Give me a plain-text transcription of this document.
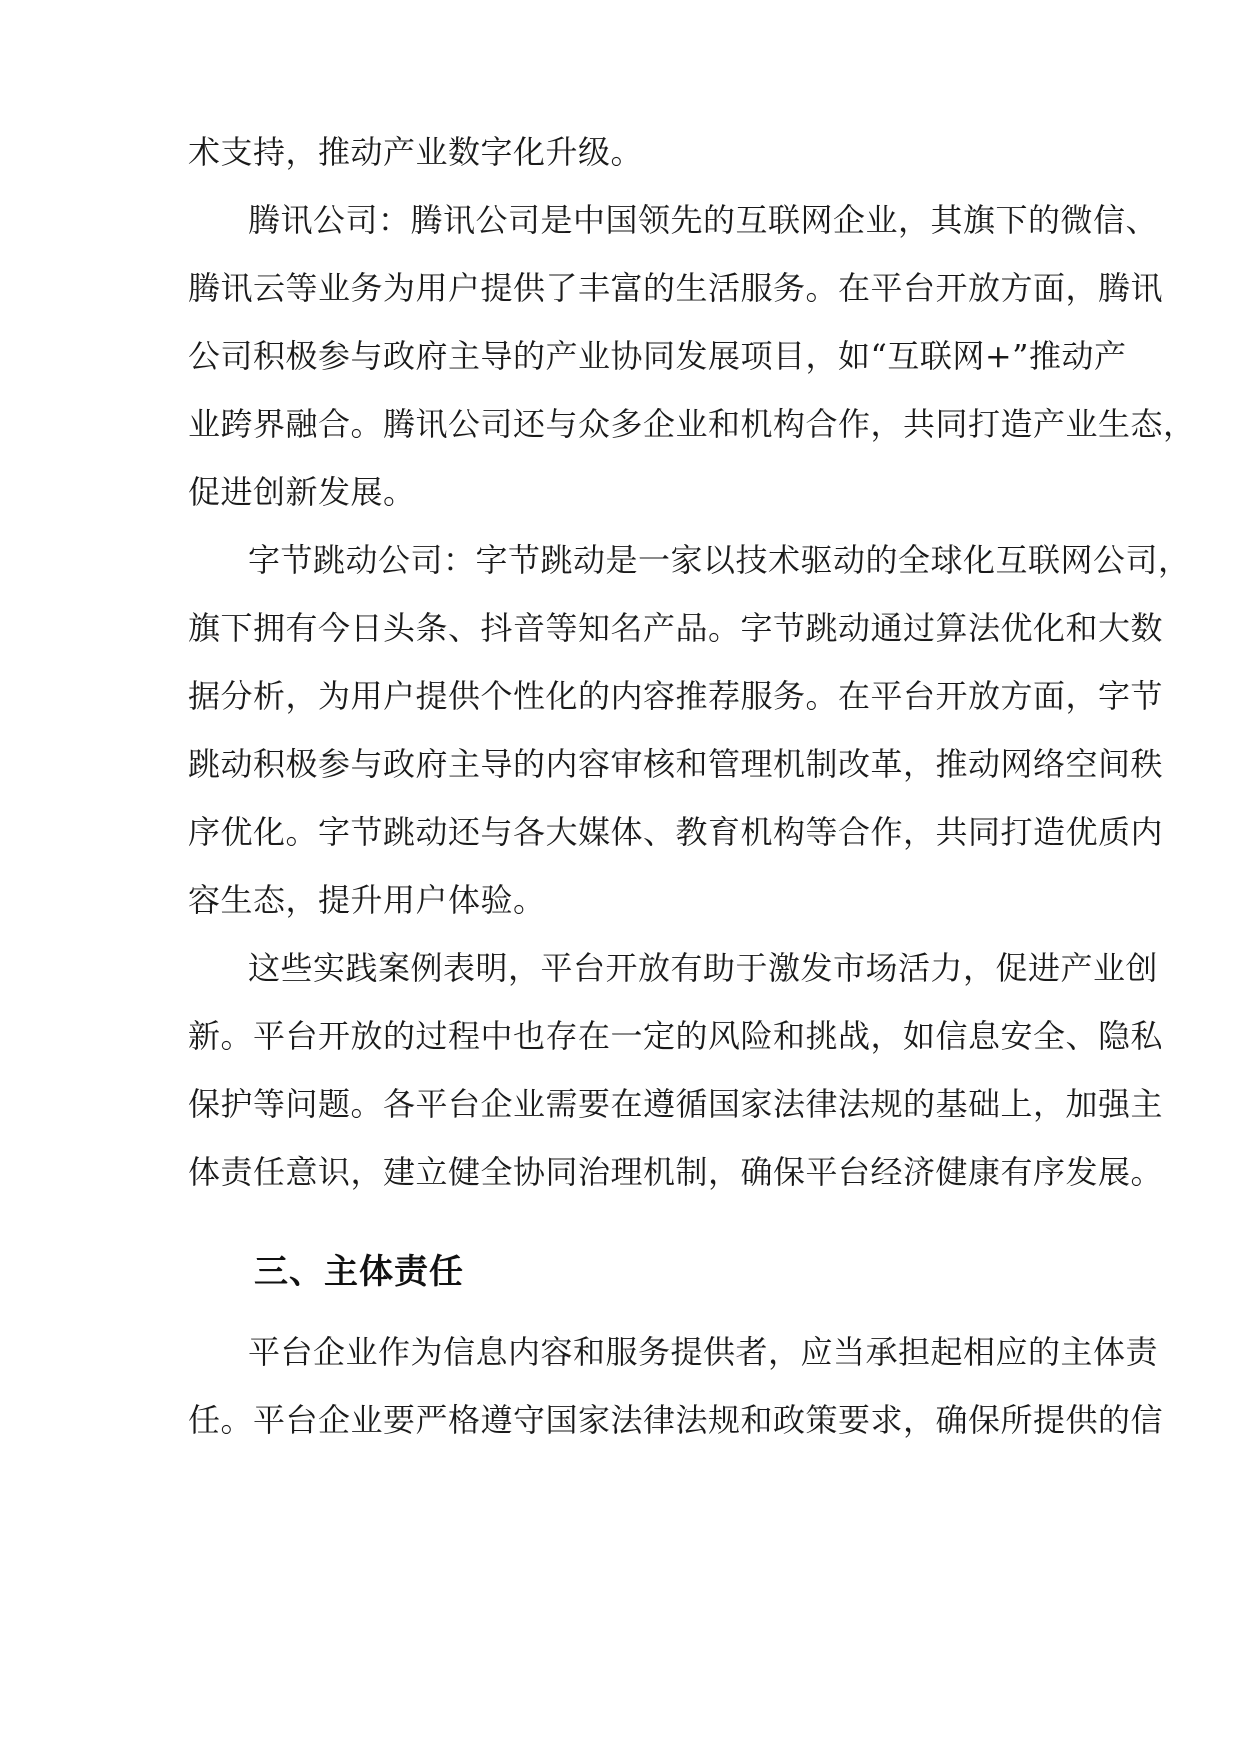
术支持，推动产业数字化升级。
腾讯公司：腾讯公司是中国领先的互联网企业，其旗下的微信、
腾讯云等业务为用户提供了丰富的生活服务。在平台开放方面，腾讯
公司积极参与政府主导的产业协同发展项目，如“互联网+”推动产
业跨界融合。腾讯公司还与众多企业和机构合作，共同打造产业生态，
促进创新发展。
字节跳动公司：字节跳动是一家以技术驱动的全球化互联网公司，
旗下拥有今日头条、抖音等知名产品。字节跳动通过算法优化和大数
据分析，为用户提供个性化的内容推荐服务。在平台开放方面，字节
跳动积极参与政府主导的内容审核和管理机制改革，推动网络空间秩
序优化。字节跳动还与各大媒体、教育机构等合作，共同打造优质内
容生态，提升用户体验。
这些实践案例表明，平台开放有助于激发市场活力，促进产业创
新。平台开放的过程中也存在一定的风险和挑战，如信息安全、隐私
保护等问题。各平台企业需要在遵循国家法律法规的基础上，加强主
体责任意识，建立健全协同治理机制，确保平台经济健康有序发展。
三、主体责任
平台企业作为信息内容和服务提供者，应当承担起相应的主体责
任。平台企业要严格遵守国家法律法规和政策要求，确保所提供的信
